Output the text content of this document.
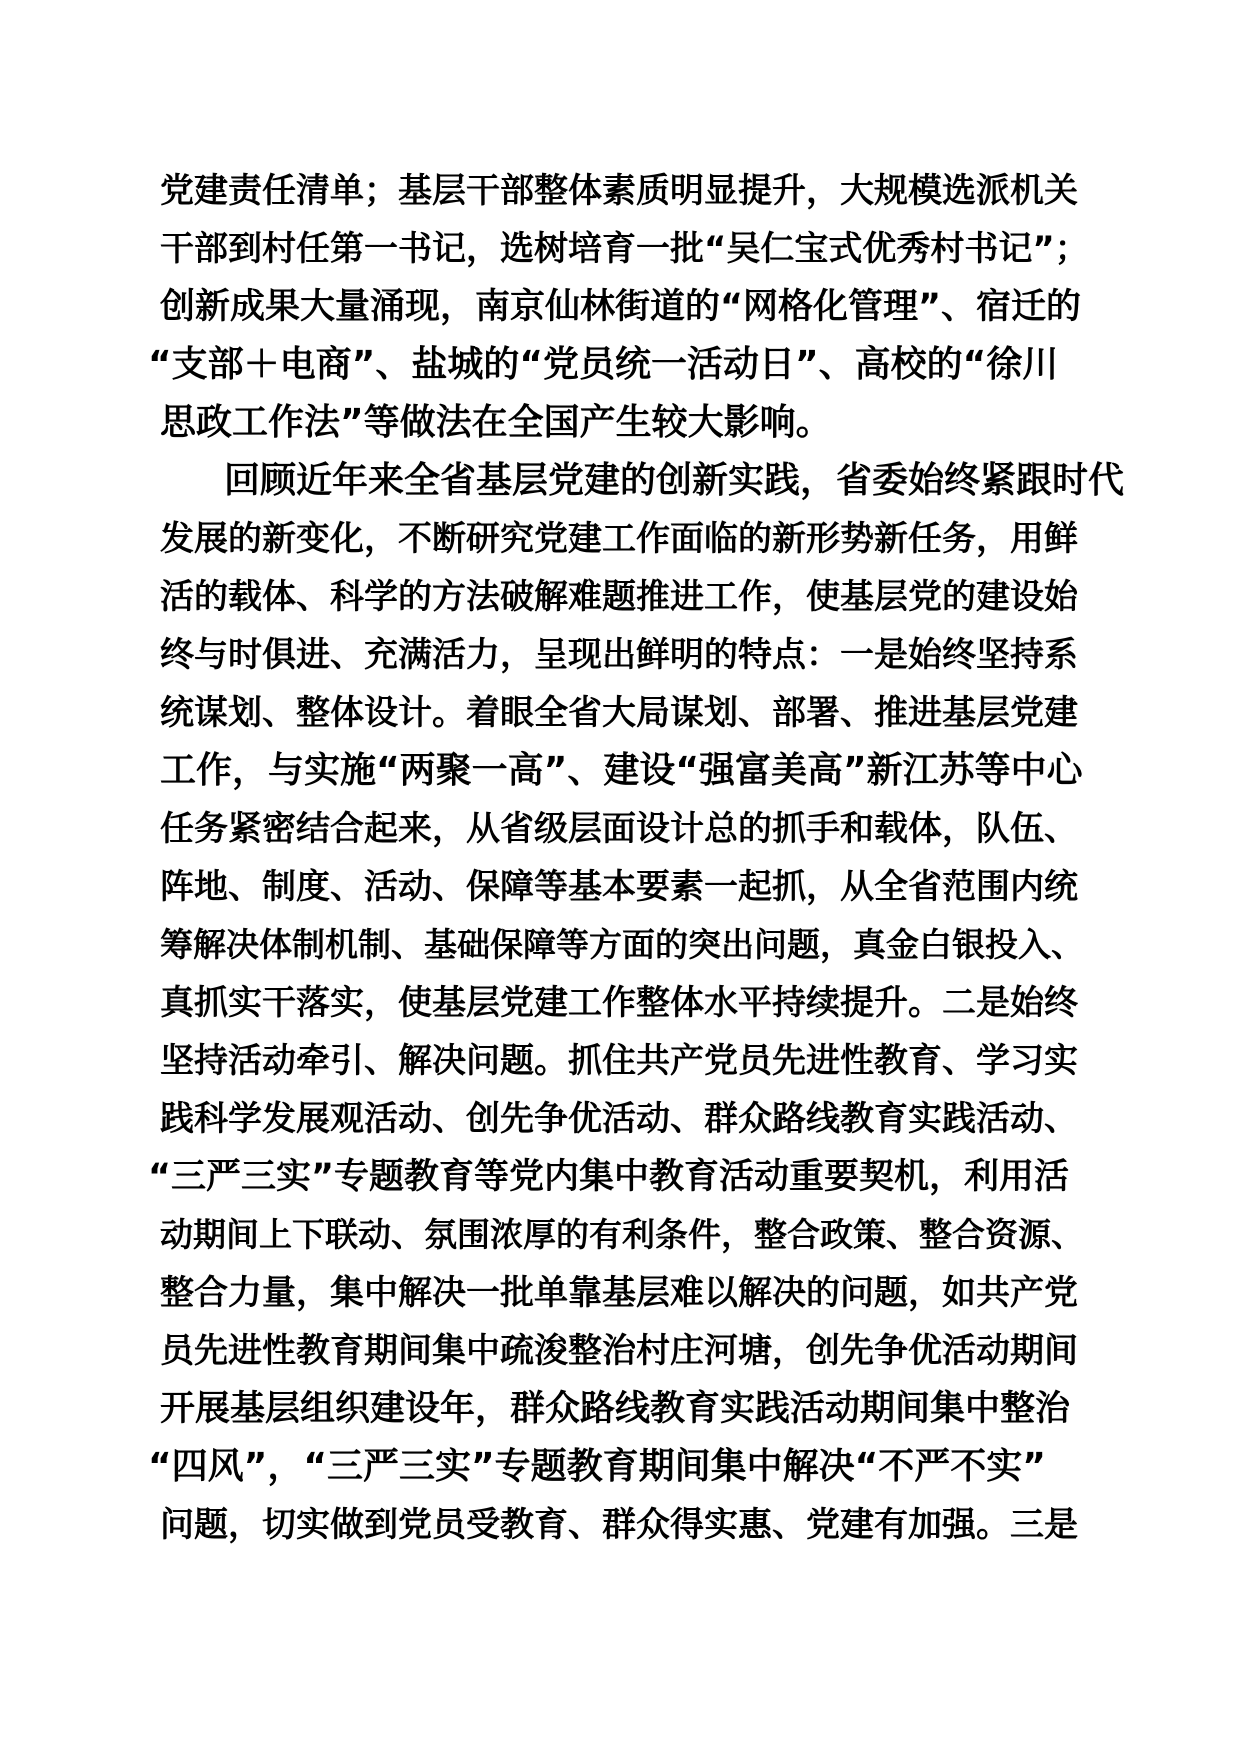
党建责任清单；基层干部整体素质明显提升，大规模选派机关
干部到村任第一书记，选树培育一批“吴仁宝式优秀村书记”；
创新成果大量涌现，南京仙林街道的“网格化管理”、宿迁的
“支部＋电商”、盐城的“党员统一活动日”、高校的“徐川
思政工作法”等做法在全国产生较大影响。
回顾近年来全省基层党建的创新实践，省委始终紧跟时代
发展的新变化，不断研究党建工作面临的新形势新任务，用鲜
活的载体、科学的方法破解难题推进工作，使基层党的建设始
终与时俱进、充满活力，呈现出鲜明的特点：一是始终坚持系
统谋划、整体设计。着眼全省大局谋划、部署、推进基层党建
工作，与实施“两聚一高”、建设“强富美高”新江苏等中心
任务紧密结合起来，从省级层面设计总的抓手和载体，队伍、
阵地、制度、活动、保障等基本要素一起抓，从全省范围内统
筹解决体制机制、基础保障等方面的突出问题，真金白银投入、
真抓实干落实，使基层党建工作整体水平持续提升。二是始终
坚持活动牵引、解决问题。抓住共产党员先进性教育、学习实
践科学发展观活动、创先争优活动、群众路线教育实践活动、
“三严三实”专题教育等党内集中教育活动重要契机，利用活
动期间上下联动、氛围浓厚的有利条件，整合政策、整合资源、
整合力量，集中解决一批单靠基层难以解决的问题，如共产党
员先进性教育期间集中疏浚整治村庄河塘，创先争优活动期间
开展基层组织建设年，群众路线教育实践活动期间集中整治
“四风”，“三严三实”专题教育期间集中解决“不严不实”
问题，切实做到党员受教育、群众得实惠、党建有加强。三是
